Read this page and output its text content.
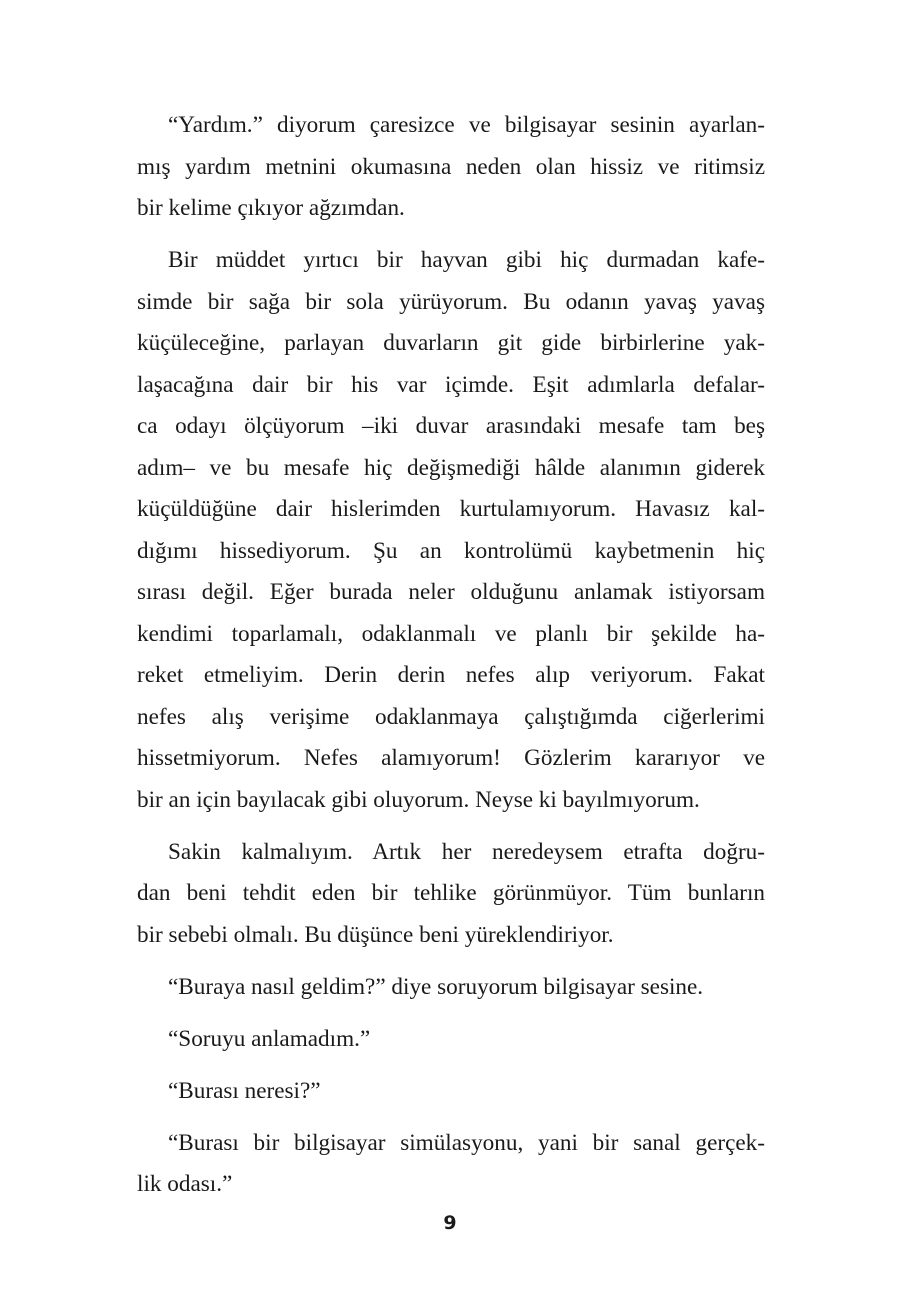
“Yardım.” diyorum çaresizce ve bilgisayar sesinin ayarlan-
mış yardım metnini okumasına neden olan hissiz ve ritimsiz
bir kelime çıkıyor ağzımdan.

Bir müddet yırtıcı bir hayvan gibi hiç durmadan kafe-
simde bir sağa bir sola yürüyorum. Bu odanın yavaş yavaş
küçüleceğine, parlayan duvarların git gide birbirlerine yak-
laşacağına dair bir his var içimde. Eşit adımlarla defalar-
ca odayı ölçüyorum –iki duvar arasındaki mesafe tam beş
adım– ve bu mesafe hiç değişmediği hâlde alanımın giderek
küçüldüğüne dair hislerimden kurtulamıyorum. Havasız kal-
dığımı hissediyorum. Şu an kontrolümü kaybetmenin hiç
sırası değil. Eğer burada neler olduğunu anlamak istiyorsam
kendimi toparlamalı, odaklanmalı ve planlı bir şekilde ha-
reket etmeliyim. Derin derin nefes alıp veriyorum. Fakat
nefes alış verişime odaklanmaya çalıştığımda ciğerlerimi
hissetmiyorum. Nefes alamıyorum! Gözlerim kararıyor ve
bir an için bayılacak gibi oluyorum. Neyse ki bayılmıyorum.

Sakin kalmalıyım. Artık her neredeysem etrafta doğru-
dan beni tehdit eden bir tehlike görünmüyor. Tüm bunların
bir sebebi olmalı. Bu düşünce beni yüreklendiriyor.

“Buraya nasıl geldim?” diye soruyorum bilgisayar sesine.

“Soruyu anlamadım.”

“Burası neresi?”

“Burası bir bilgisayar simülasyonu, yani bir sanal gerçek-
lik odası.”

9
